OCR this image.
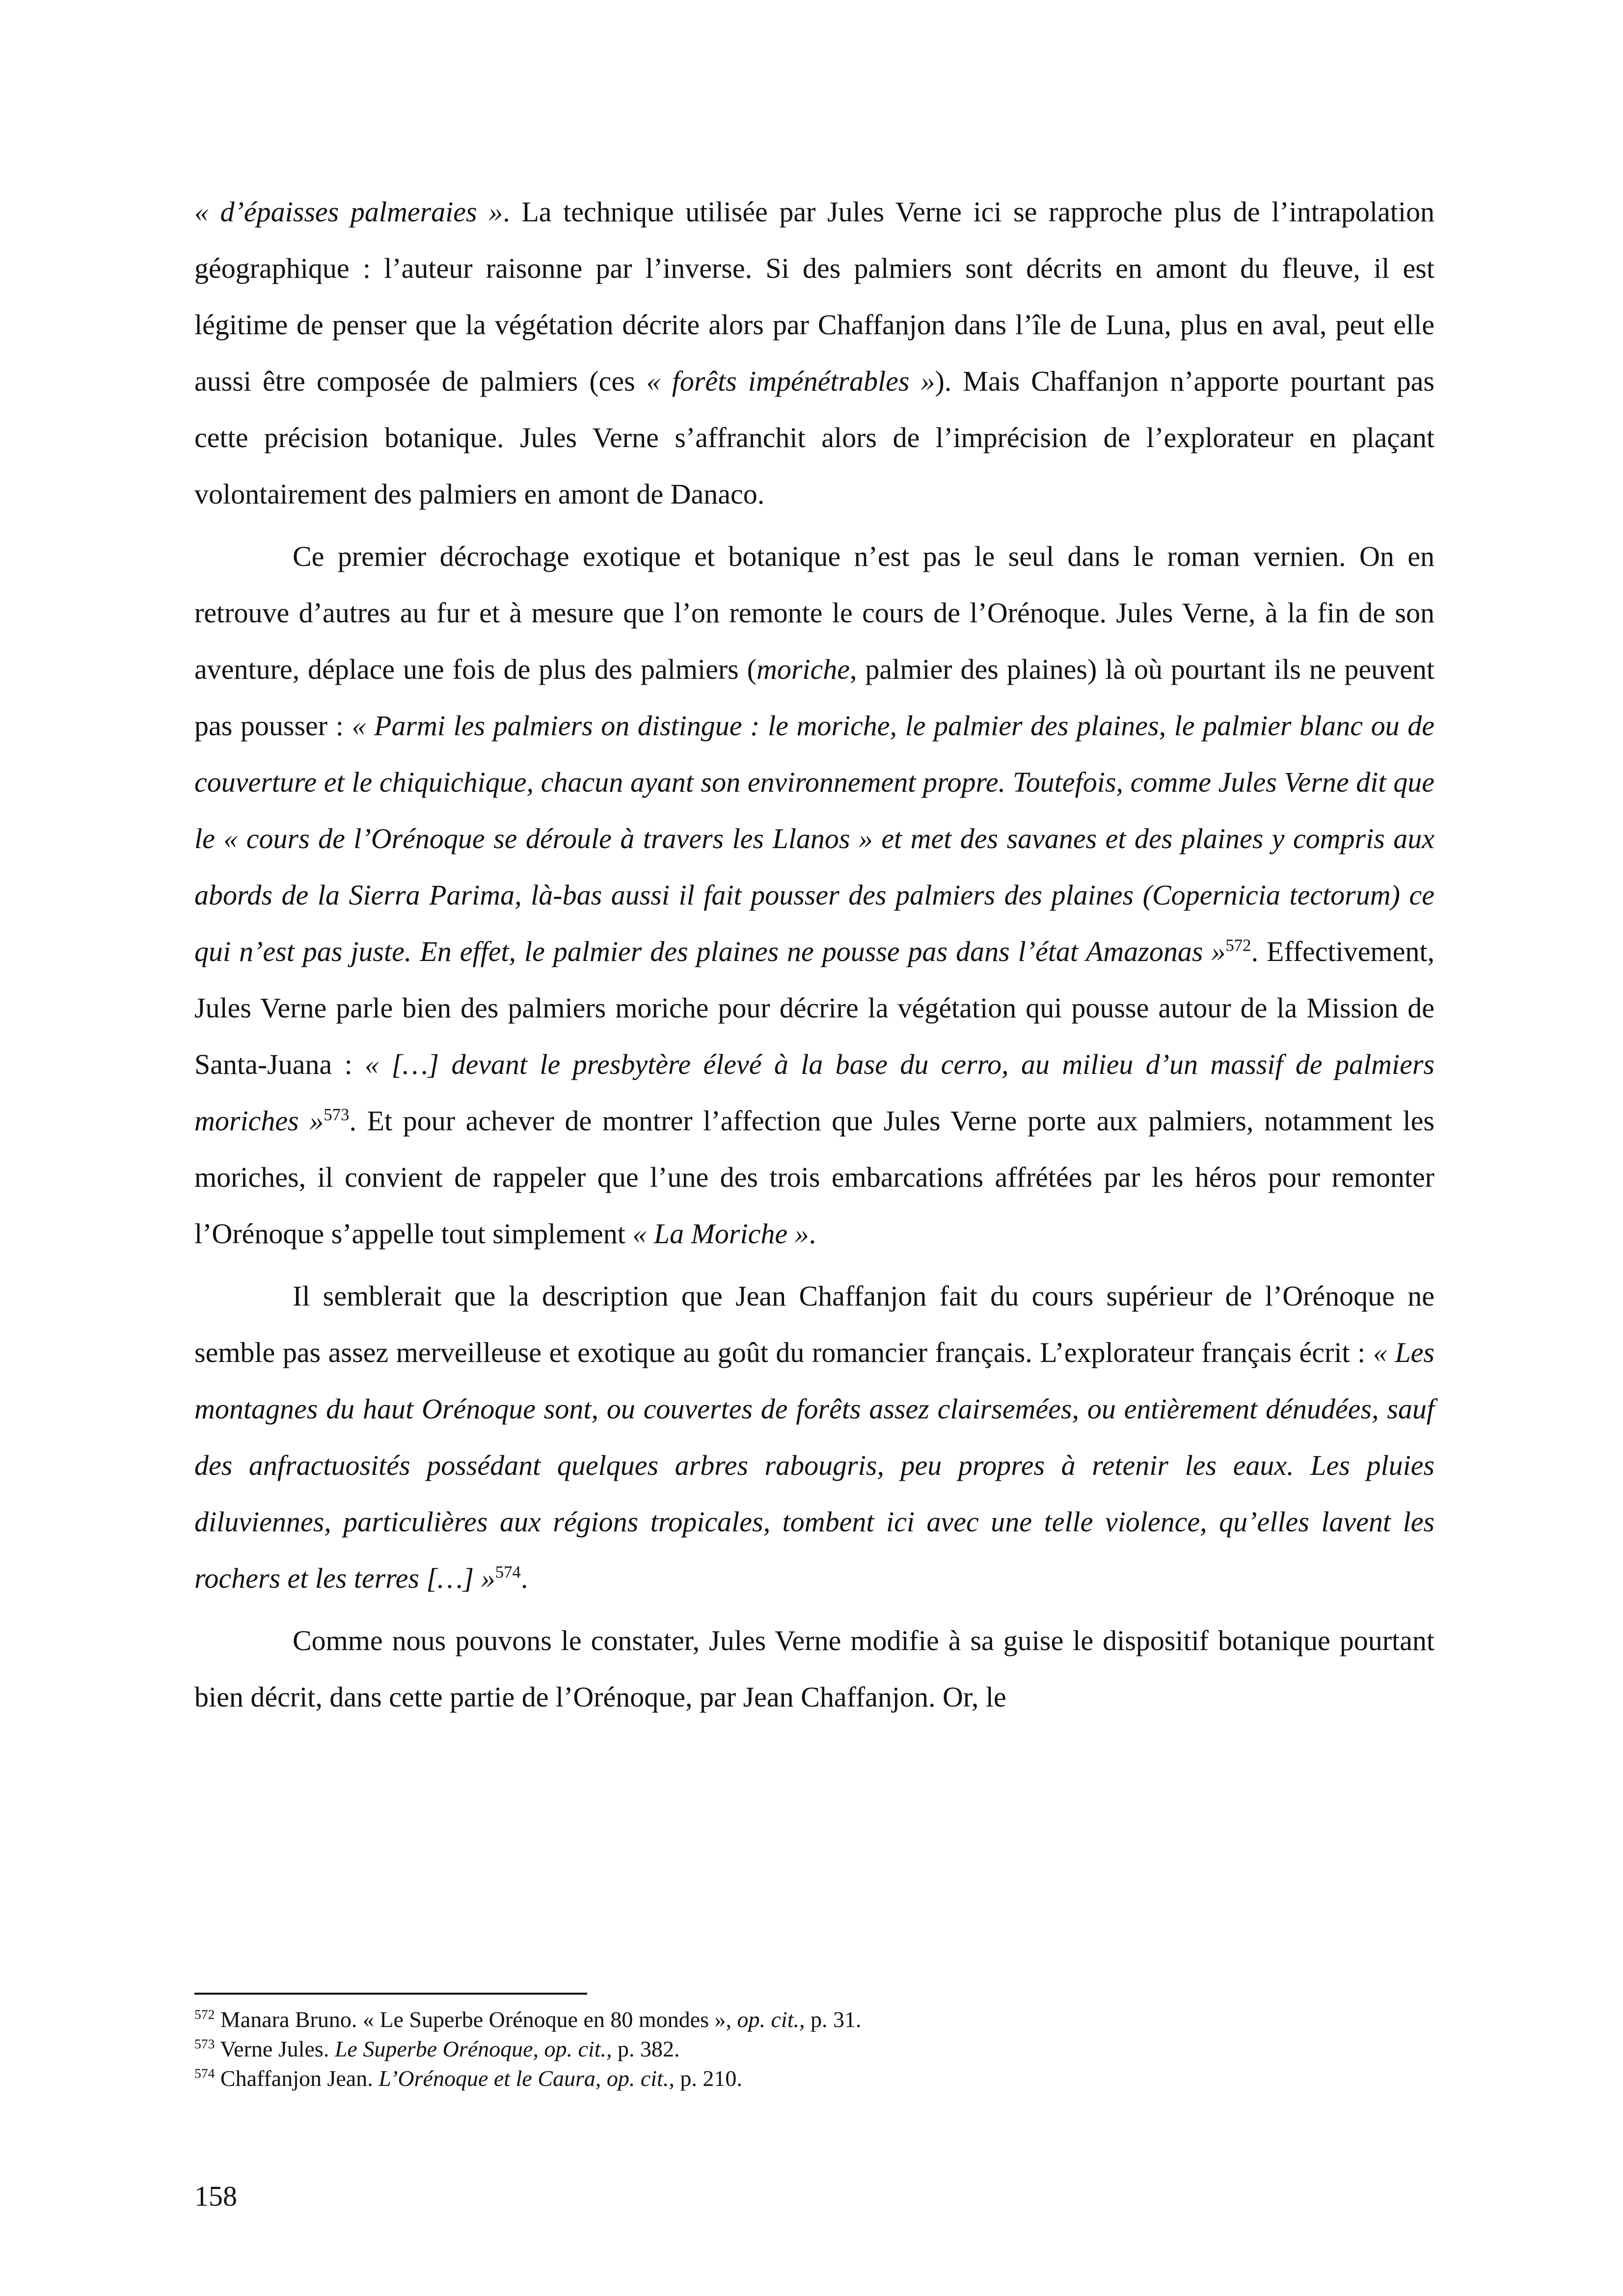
« d’épaisses palmeraies ». La technique utilisée par Jules Verne ici se rapproche plus de l’intrapolation géographique : l’auteur raisonne par l’inverse. Si des palmiers sont décrits en amont du fleuve, il est légitime de penser que la végétation décrite alors par Chaffanjon dans l’île de Luna, plus en aval, peut elle aussi être composée de palmiers (ces « forêts impénétrables »). Mais Chaffanjon n’apporte pourtant pas cette précision botanique. Jules Verne s’affranchit alors de l’imprécision de l’explorateur en plaçant volontairement des palmiers en amont de Danaco.

Ce premier décrochage exotique et botanique n’est pas le seul dans le roman vernien. On en retrouve d’autres au fur et à mesure que l’on remonte le cours de l’Orénoque. Jules Verne, à la fin de son aventure, déplace une fois de plus des palmiers (moriche, palmier des plaines) là où pourtant ils ne peuvent pas pousser : « Parmi les palmiers on distingue : le moriche, le palmier des plaines, le palmier blanc ou de couverture et le chiquichique, chacun ayant son environnement propre. Toutefois, comme Jules Verne dit que le « cours de l’Orénoque se déroule à travers les Llanos » et met des savanes et des plaines y compris aux abords de la Sierra Parima, là-bas aussi il fait pousser des palmiers des plaines (Copernicia tectorum) ce qui n’est pas juste. En effet, le palmier des plaines ne pousse pas dans l’état Amazonas »$^{572}$. Effectivement, Jules Verne parle bien des palmiers moriche pour décrire la végétation qui pousse autour de la Mission de Santa-Juana : « […] devant le presbytère élevé à la base du cerro, au milieu d’un massif de palmiers moriches »$^{573}$. Et pour achever de montrer l’affection que Jules Verne porte aux palmiers, notamment les moriches, il convient de rappeler que l’une des trois embarcations affrétées par les héros pour remonter l’Orénoque s’appelle tout simplement « La Moriche ».

Il semblerait que la description que Jean Chaffanjon fait du cours supérieur de l’Orénoque ne semble pas assez merveilleuse et exotique au goût du romancier français. L’explorateur français écrit : « Les montagnes du haut Orénoque sont, ou couvertes de forêts assez clairsemées, ou entièrement dénudées, sauf des anfractuosités possédant quelques arbres rabougris, peu propres à retenir les eaux. Les pluies diluviennes, particulières aux régions tropicales, tombent ici avec une telle violence, qu’elles lavent les rochers et les terres […] »$^{574}$.

Comme nous pouvons le constater, Jules Verne modifie à sa guise le dispositif botanique pourtant bien décrit, dans cette partie de l’Orénoque, par Jean Chaffanjon. Or, le

$^{572}$ Manara Bruno. « Le Superbe Orénoque en 80 mondes », op. cit., p. 31.

$^{573}$ Verne Jules. Le Superbe Orénoque, op. cit., p. 382.

$^{574}$ Chaffanjon Jean. L’Orénoque et le Caura, op. cit., p. 210.

158
